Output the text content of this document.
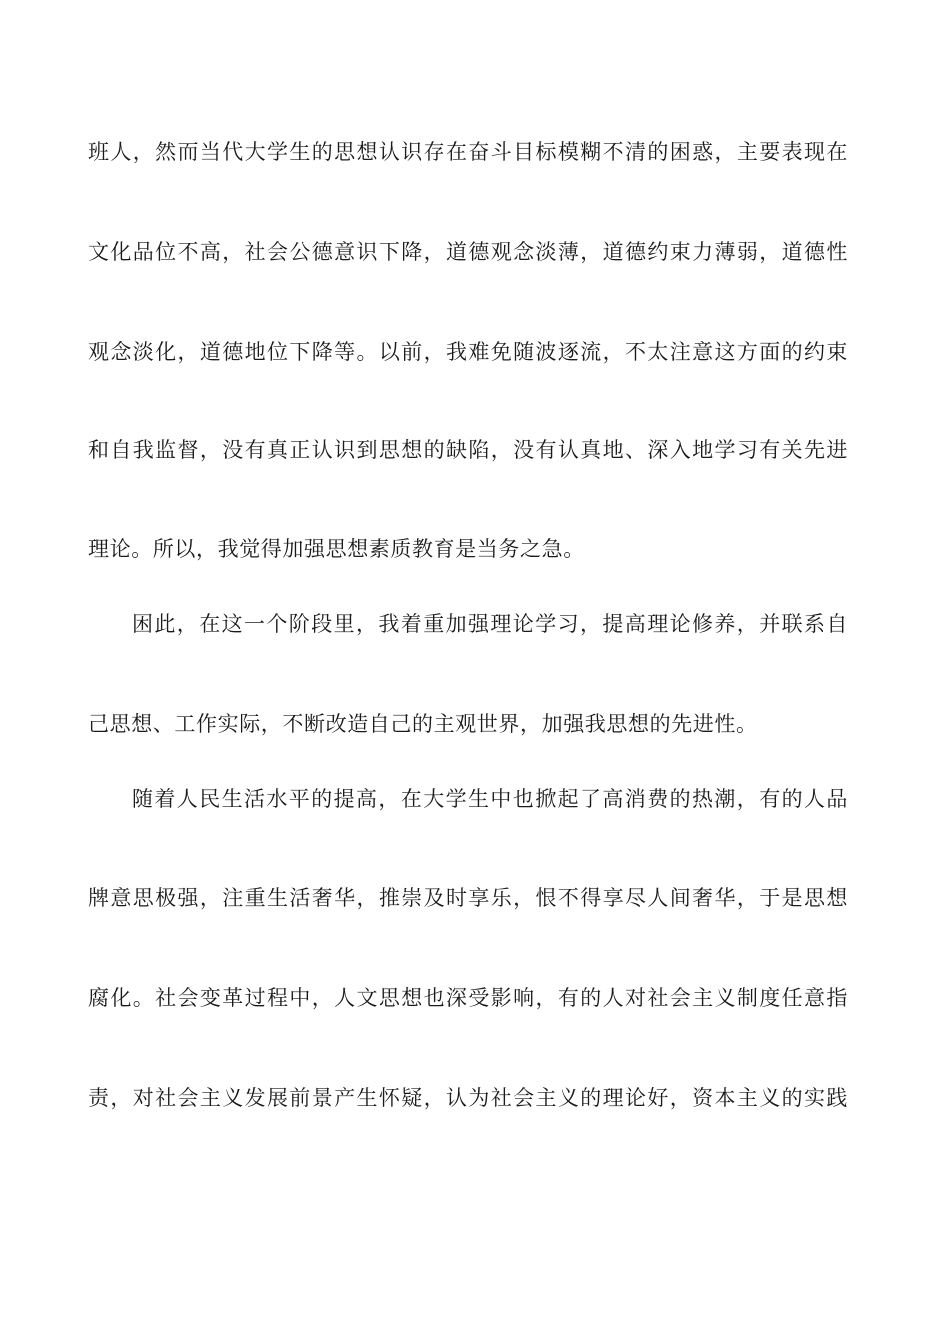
班人，然而当代大学生的思想认识存在奋斗目标模糊不清的困惑，主要表现在
文化品位不高，社会公德意识下降，道德观念淡薄，道德约束力薄弱，道德性
观念淡化，道德地位下降等。以前，我难免随波逐流，不太注意这方面的约束
和自我监督，没有真正认识到思想的缺陷，没有认真地、深入地学习有关先进
理论。所以，我觉得加强思想素质教育是当务之急。
困此，在这一个阶段里，我着重加强理论学习，提高理论修养，并联系自
己思想、工作实际，不断改造自己的主观世界，加强我思想的先进性。
随着人民生活水平的提高，在大学生中也掀起了高消费的热潮，有的人品
牌意思极强，注重生活奢华，推崇及时享乐，恨不得享尽人间奢华，于是思想
腐化。社会变革过程中，人文思想也深受影响，有的人对社会主义制度任意指
责，对社会主义发展前景产生怀疑，认为社会主义的理论好，资本主义的实践
